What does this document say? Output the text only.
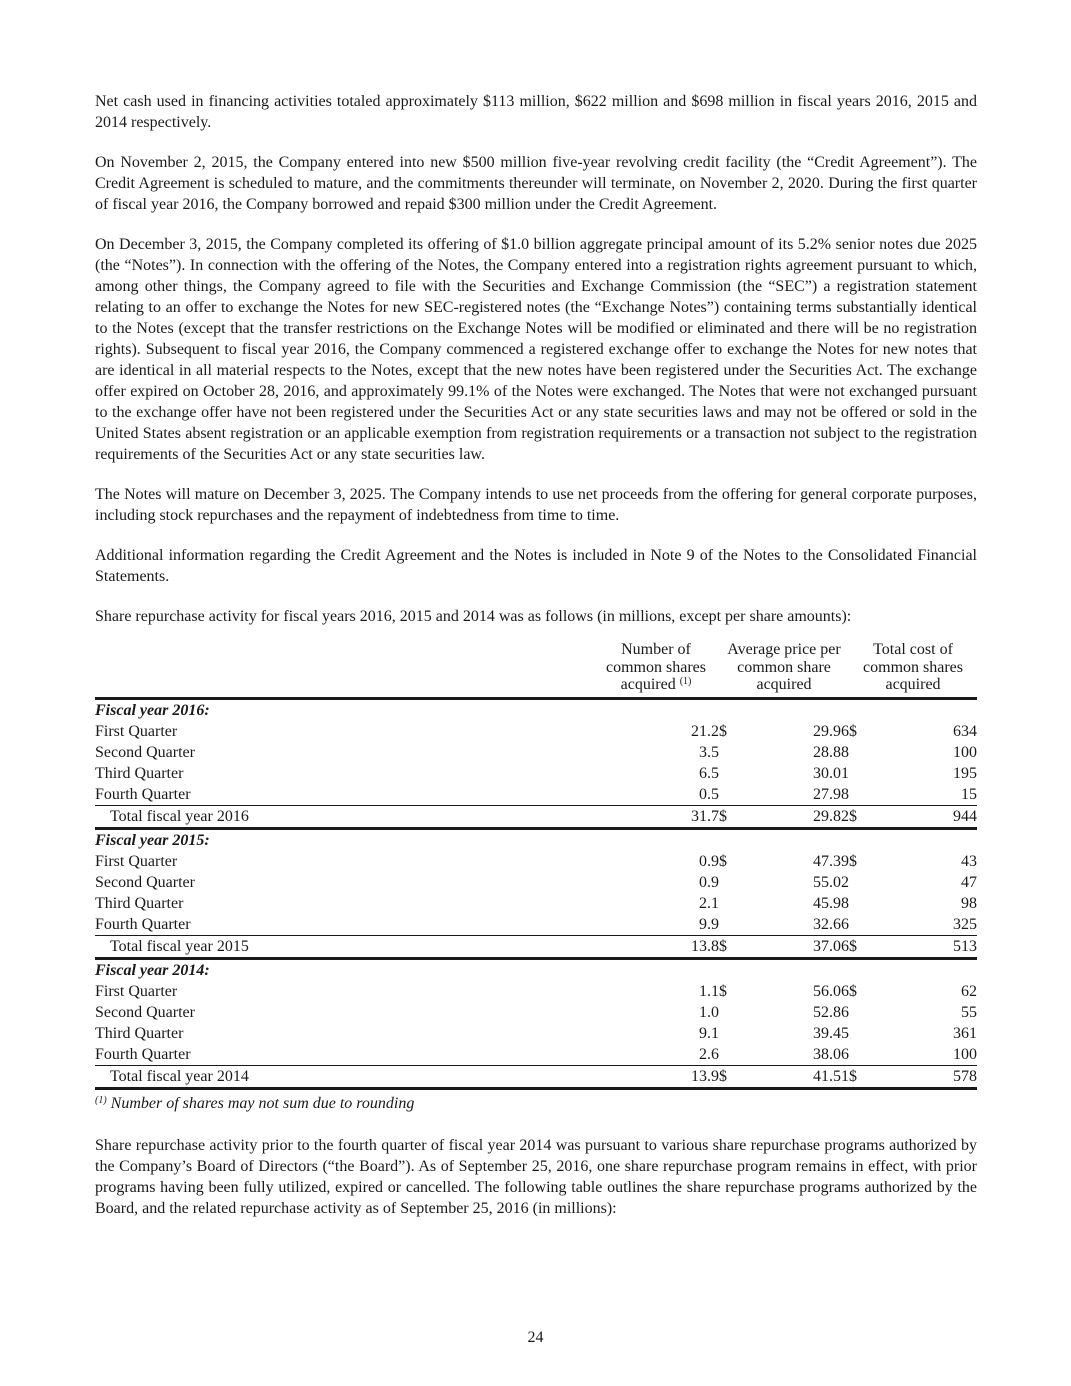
Net cash used in financing activities totaled approximately $113 million, $622 million and $698 million in fiscal years 2016, 2015 and 2014 respectively.

On November 2, 2015, the Company entered into new $500 million five-year revolving credit facility (the “Credit Agreement”). The Credit Agreement is scheduled to mature, and the commitments thereunder will terminate, on November 2, 2020. During the first quarter of fiscal year 2016, the Company borrowed and repaid $300 million under the Credit Agreement.

On December 3, 2015, the Company completed its offering of $1.0 billion aggregate principal amount of its 5.2% senior notes due 2025 (the “Notes”). In connection with the offering of the Notes, the Company entered into a registration rights agreement pursuant to which, among other things, the Company agreed to file with the Securities and Exchange Commission (the “SEC”) a registration statement relating to an offer to exchange the Notes for new SEC-registered notes (the “Exchange Notes”) containing terms substantially identical to the Notes (except that the transfer restrictions on the Exchange Notes will be modified or eliminated and there will be no registration rights). Subsequent to fiscal year 2016, the Company commenced a registered exchange offer to exchange the Notes for new notes that are identical in all material respects to the Notes, except that the new notes have been registered under the Securities Act. The exchange offer expired on October 28, 2016, and approximately 99.1% of the Notes were exchanged. The Notes that were not exchanged pursuant to the exchange offer have not been registered under the Securities Act or any state securities laws and may not be offered or sold in the United States absent registration or an applicable exemption from registration requirements or a transaction not subject to the registration requirements of the Securities Act or any state securities law.

The Notes will mature on December 3, 2025. The Company intends to use net proceeds from the offering for general corporate purposes, including stock repurchases and the repayment of indebtedness from time to time.

Additional information regarding the Credit Agreement and the Notes is included in Note 9 of the Notes to the Consolidated Financial Statements.

Share repurchase activity for fiscal years 2016, 2015 and 2014 was as follows (in millions, except per share amounts):

	Number of common shares acquired $^{(1)}$	Average price per common share acquired		Total cost of common shares acquired	
Fiscal year 2016:					
First Quarter	21.2	$	29.96	$	634
Second Quarter	3.5		28.88		100
Third Quarter	6.5		30.01		195
Fourth Quarter	0.5		27.98		15
Total fiscal year 2016	31.7	$	29.82	$	944
Fiscal year 2015:					
First Quarter	0.9	$	47.39	$	43
Second Quarter	0.9		55.02		47
Third Quarter	2.1		45.98		98
Fourth Quarter	9.9		32.66		325
Total fiscal year 2015	13.8	$	37.06	$	513
Fiscal year 2014:					
First Quarter	1.1	$	56.06	$	62
Second Quarter	1.0		52.86		55
Third Quarter	9.1		39.45		361
Fourth Quarter	2.6		38.06		100
Total fiscal year 2014	13.9	$	41.51	$	578
$^{(1)}$ Number of shares may not sum due to rounding

Share repurchase activity prior to the fourth quarter of fiscal year 2014 was pursuant to various share repurchase programs authorized by the Company’s Board of Directors (“the Board”). As of September 25, 2016, one share repurchase program remains in effect, with prior programs having been fully utilized, expired or cancelled. The following table outlines the share repurchase programs authorized by the Board, and the related repurchase activity as of September 25, 2016 (in millions):

24
